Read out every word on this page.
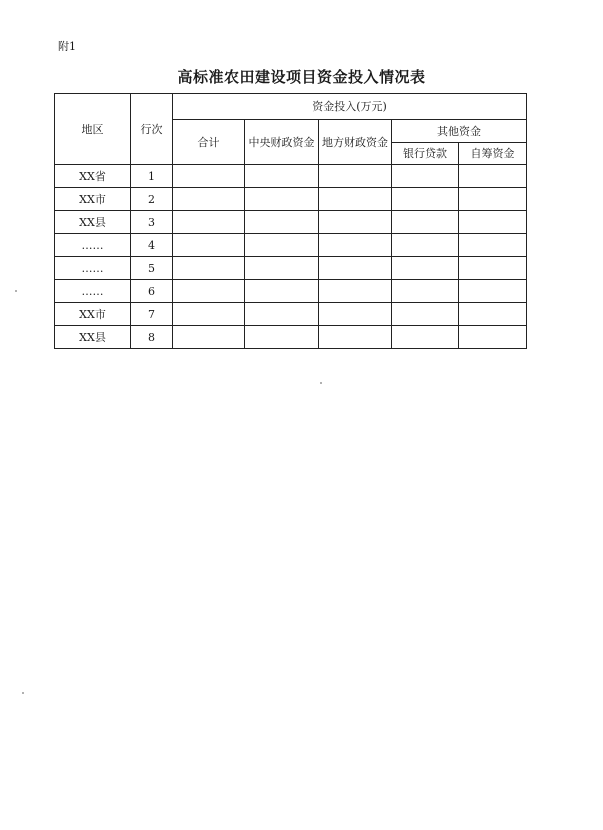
附1
高标准农田建设项目资金投入情况表
地区	行次	资金投入(万元)				
		合计	中央财政资金	地方财政资金	其他资金	
					银行贷款	自筹资金
XX省	1					
XX市	2					
XX县	3					
……	4					
……	5					
……	6					
XX市	7					
XX县	8					
